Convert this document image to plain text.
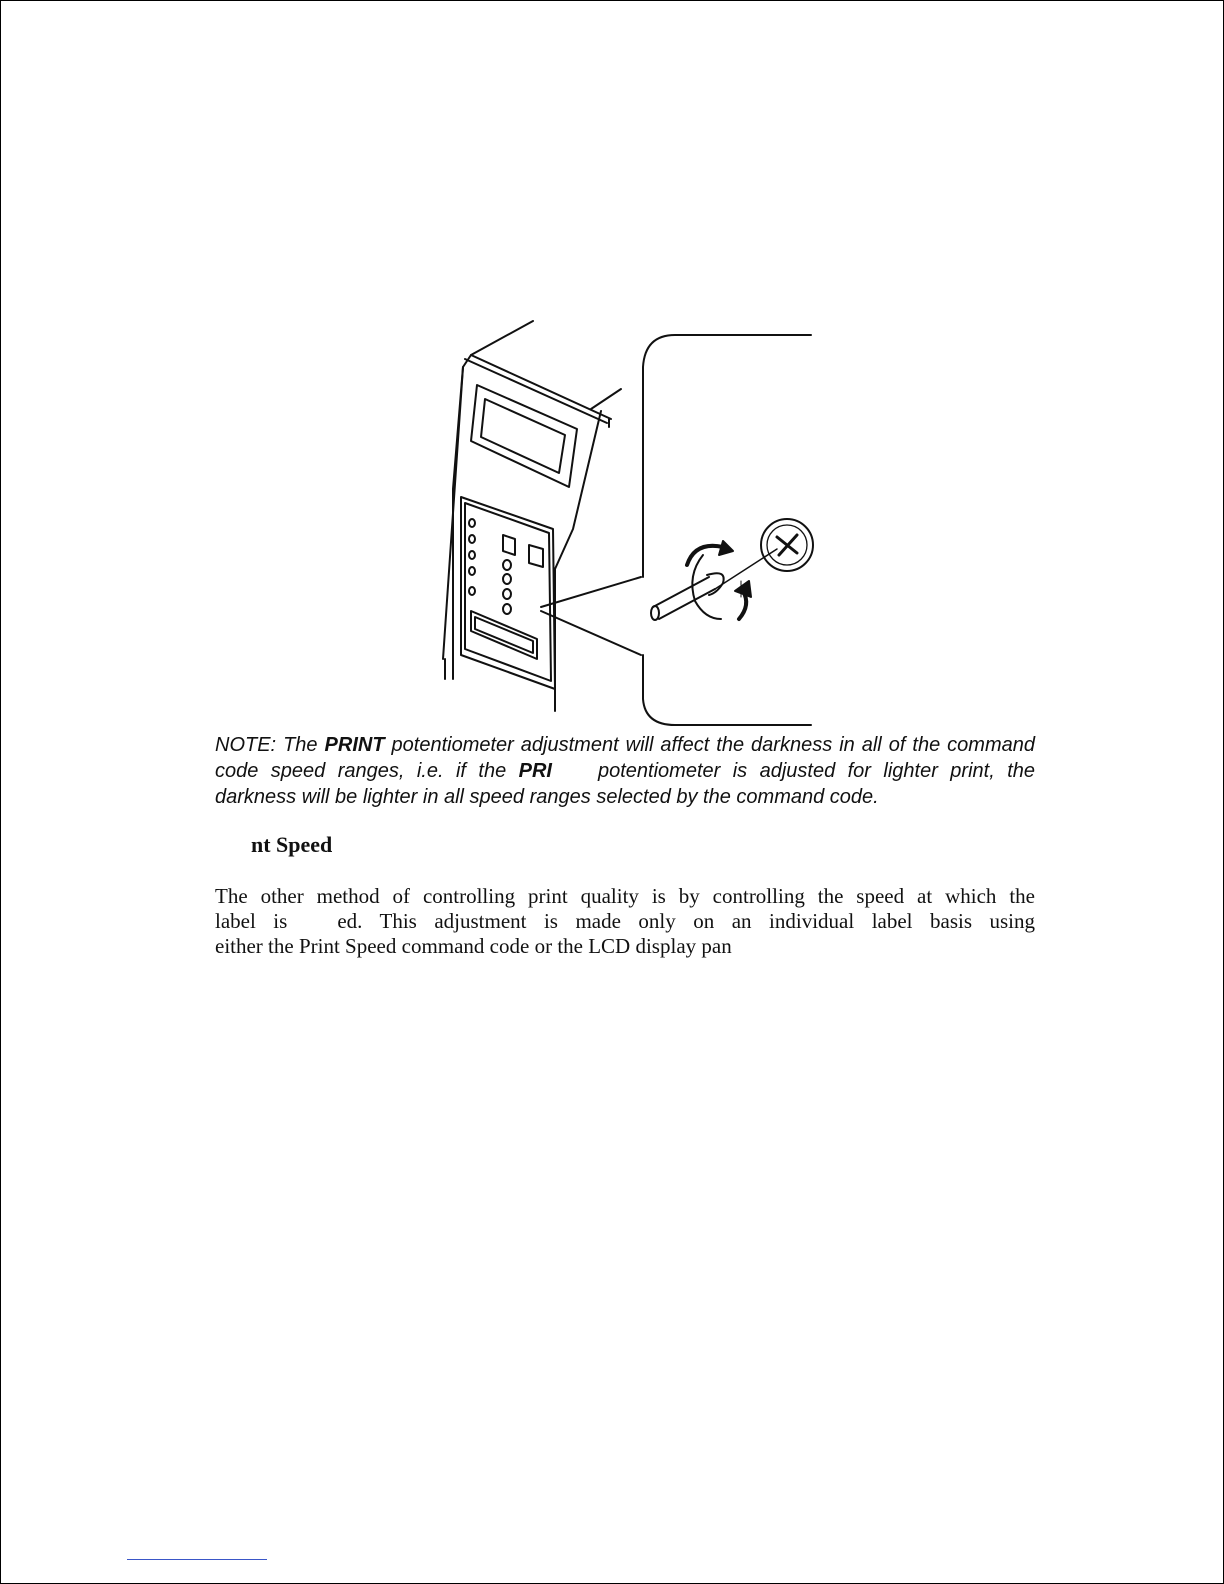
NOTE: The PRINT potentiometer adjustment will affect the darkness in all of the command code speed ranges, i.e. if the PRI potentiometer is adjusted for lighter print, the darkness will be lighter in all speed ranges selected by the command code.
nt Speed
The other method of controlling print quality is by controlling the speed at which the
label is ed. This adjustment is made only on an individual label basis using
either the Print Speed command code or the LCD display pan
